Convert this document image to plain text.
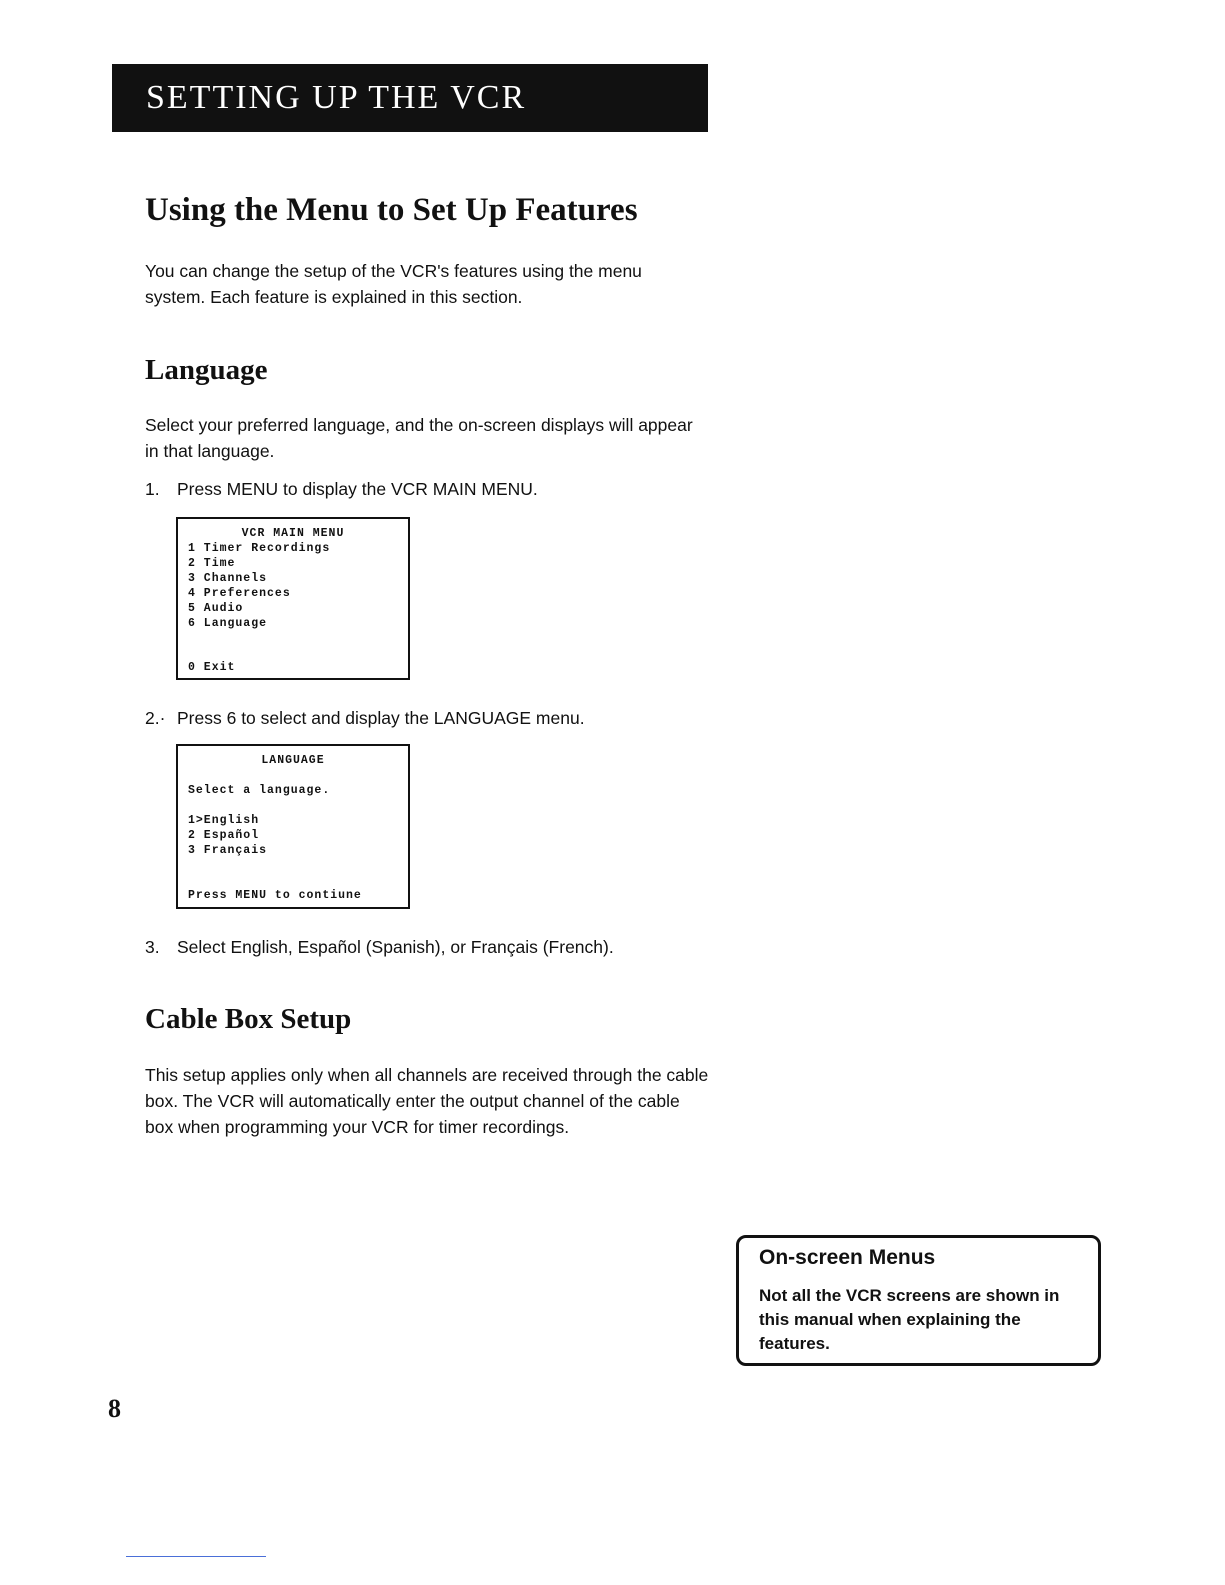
SETTING UP THE VCR
Using the Menu to Set Up Features

You can change the setup of the VCR's features using the menu system. Each feature is explained in this section.

Language

Select your preferred language, and the on-screen displays will appear in that language.

1. Press MENU to display the VCR MAIN MENU.
VCR MAIN MENU
1 Timer Recordings
2 Time
3 Channels
4 Preferences
5 Audio
6 Language
0 Exit
2.· Press 6 to select and display the LANGUAGE menu.
LANGUAGE
Select a language.
1>English
2 Español
3 Français
Press MENU to contiune
3. Select English, Español (Spanish), or Français (French).
Cable Box Setup

This setup applies only when all channels are received through the cable box. The VCR will automatically enter the output channel of the cable box when programming your VCR for timer recordings.

On-screen Menus
Not all the VCR screens are shown in this manual when explaining the features.
8
